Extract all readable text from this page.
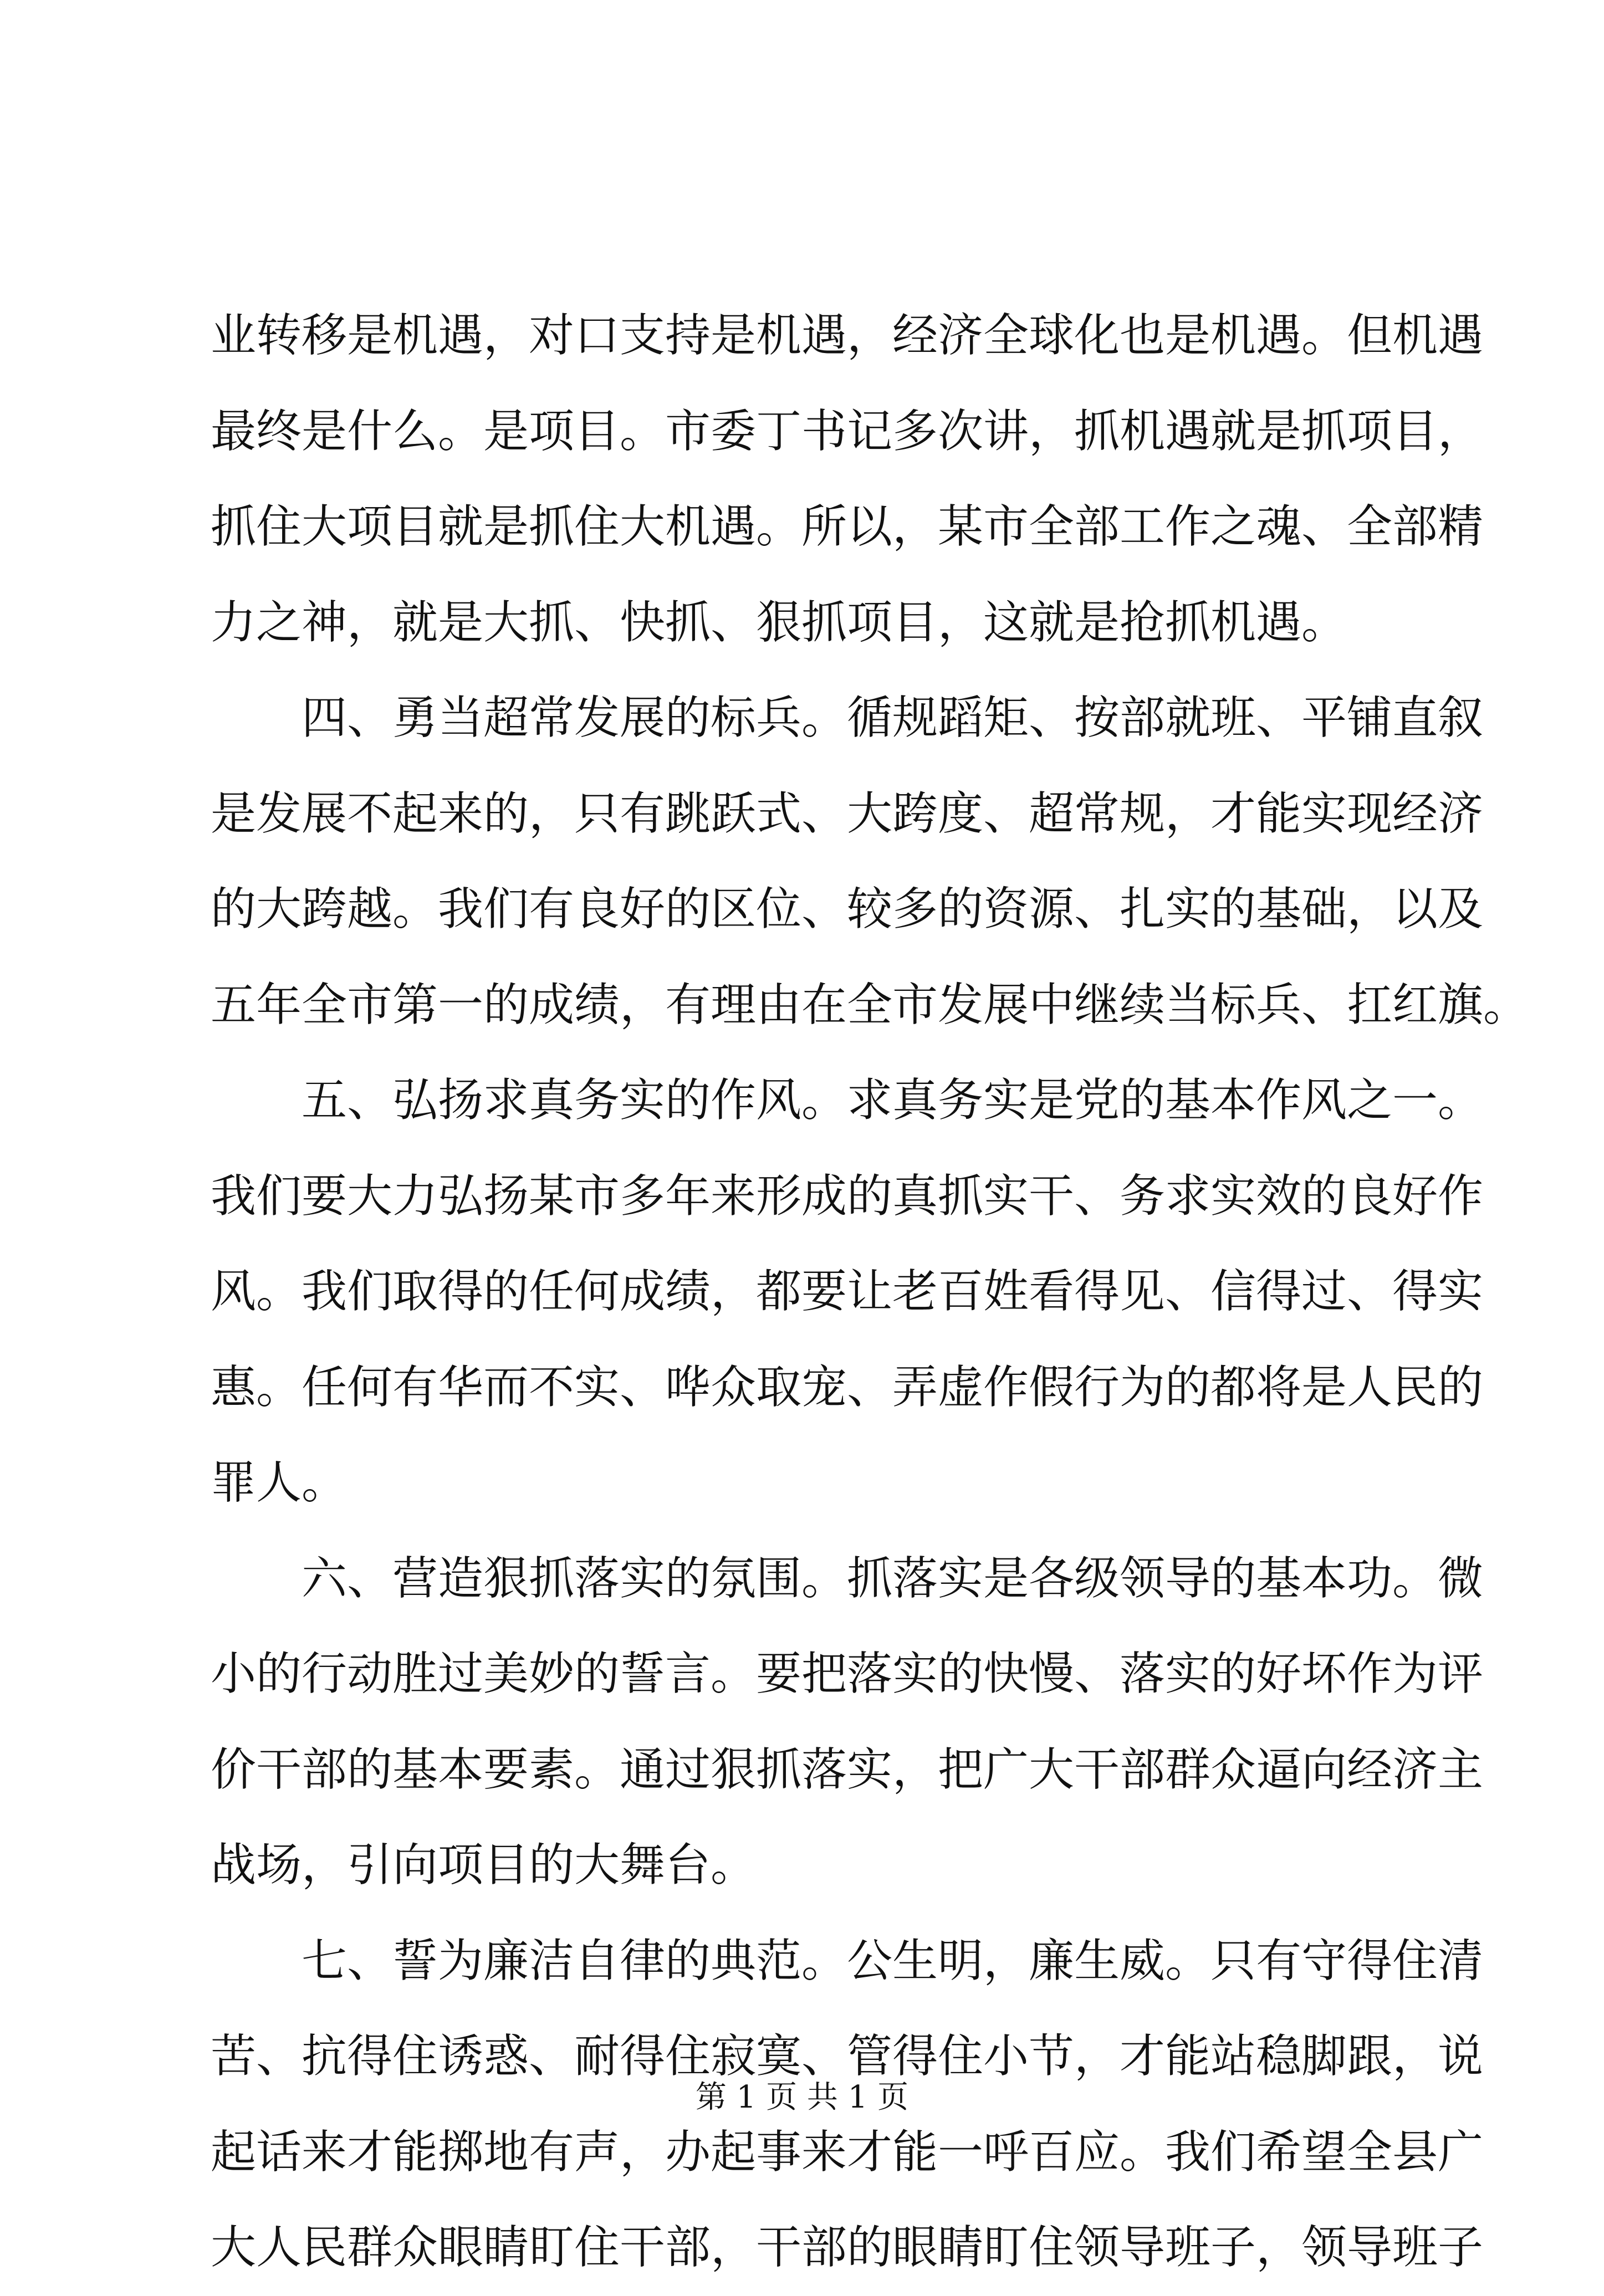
业转移是机遇，对口支持是机遇，经济全球化也是机遇。但机遇
最终是什么。是项目。市委丁书记多次讲，抓机遇就是抓项目，
抓住大项目就是抓住大机遇。所以，某市全部工作之魂、全部精
力之神，就是大抓、快抓、狠抓项目，这就是抢抓机遇。
四、勇当超常发展的标兵。循规蹈矩、按部就班、平铺直叙
是发展不起来的，只有跳跃式、大跨度、超常规，才能实现经济
的大跨越。我们有良好的区位、较多的资源、扎实的基础，以及
五年全市第一的成绩，有理由在全市发展中继续当标兵、扛红旗。
五、弘扬求真务实的作风。求真务实是党的基本作风之一。
我们要大力弘扬某市多年来形成的真抓实干、务求实效的良好作
风。我们取得的任何成绩，都要让老百姓看得见、信得过、得实
惠。任何有华而不实、哗众取宠、弄虚作假行为的都将是人民的
罪人。
六、营造狠抓落实的氛围。抓落实是各级领导的基本功。微
小的行动胜过美妙的誓言。要把落实的快慢、落实的好坏作为评
价干部的基本要素。通过狠抓落实，把广大干部群众逼向经济主
战场，引向项目的大舞台。
七、誓为廉洁自律的典范。公生明，廉生威。只有守得住清
苦、抗得住诱惑、耐得住寂寞、管得住小节，才能站稳脚跟，说
起话来才能掷地有声，办起事来才能一呼百应。我们希望全县广
大人民群众眼睛盯住干部，干部的眼睛盯住领导班子，领导班子
第 1 页 共 1 页
